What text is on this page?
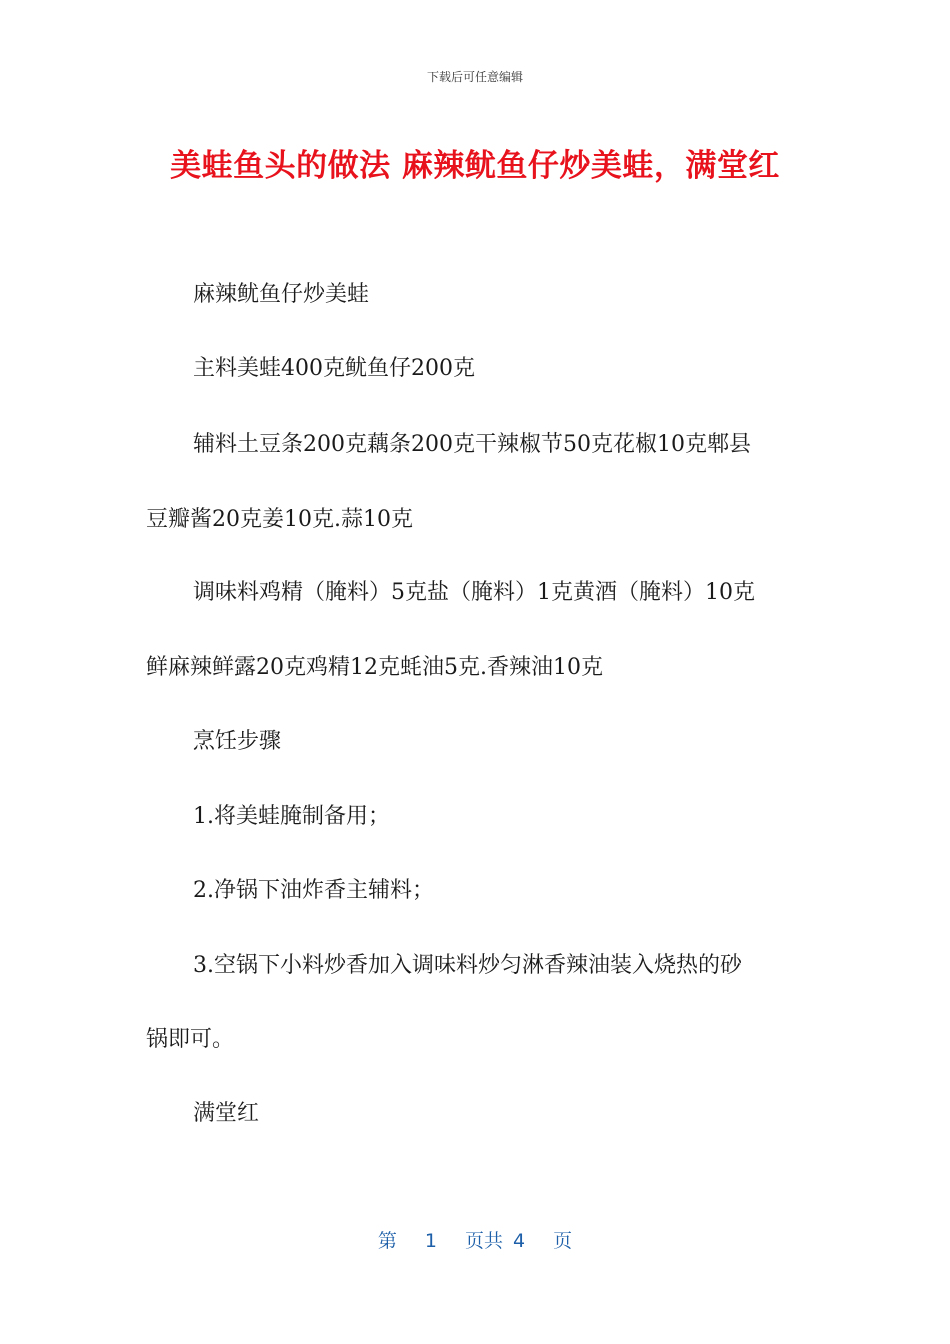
下载后可任意编辑
美蛙鱼头的做法 麻辣鱿鱼仔炒美蛙，满堂红
麻辣鱿鱼仔炒美蛙
主料美蛙400克鱿鱼仔200克
辅料土豆条200克藕条200克干辣椒节50克花椒10克郫县
豆瓣酱20克姜10克.蒜10克
调味料鸡精（腌料）5克盐（腌料）1克黄酒（腌料）10克
鲜麻辣鲜露20克鸡精12克蚝油5克.香辣油10克
烹饪步骤
1.将美蛙腌制备用；
2.净锅下油炸香主辅料；
3.空锅下小料炒香加入调味料炒匀淋香辣油装入烧热的砂
锅即可。
满堂红
第 1 页共 4 页
